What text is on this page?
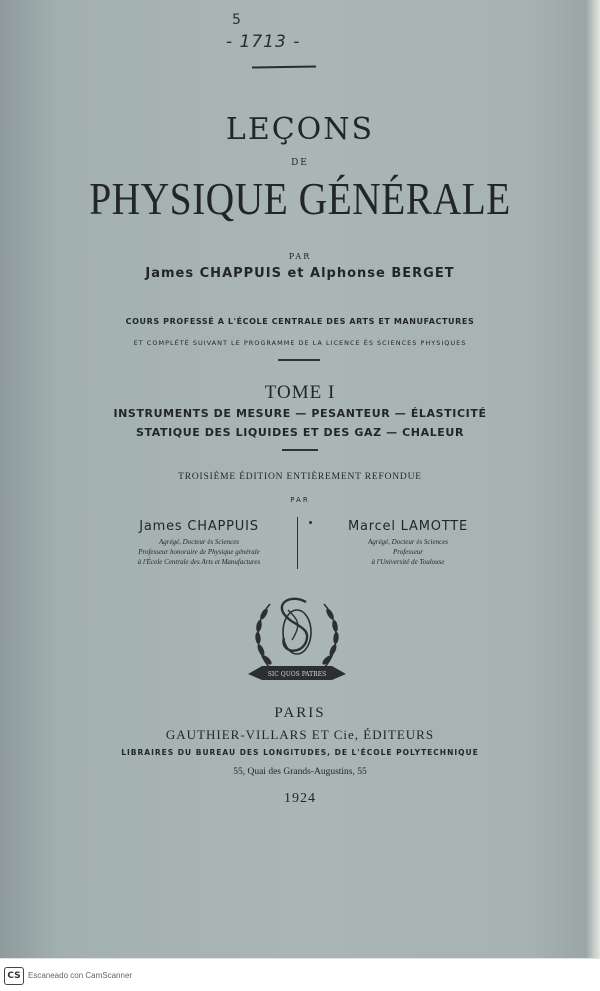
5
- 1713 -
LEÇONS
DE
PHYSIQUE GÉNÉRALE
PAR
James CHAPPUIS et Alphonse BERGET
COURS PROFESSÉ A L'ÉCOLE CENTRALE DES ARTS ET MANUFACTURES
ET COMPLÉTÉ SUIVANT LE PROGRAMME DE LA LICENCE ÈS SCIENCES PHYSIQUES
TOME I
INSTRUMENTS DE MESURE — PESANTEUR — ÉLASTICITÉ
STATIQUE DES LIQUIDES ET DES GAZ — CHALEUR
TROISIÈME ÉDITION ENTIÈREMENT REFONDUE
PAR
James CHAPPUIS
Agrégé, Docteur ès Sciences
Professeur honoraire de Physique générale
à l'École Centrale des Arts et Manufactures
Marcel LAMOTTE
Agrégé, Docteur ès Sciences
Professeur
à l'Université de Toulouse
SIC QUOS PATRES
PARIS
GAUTHIER-VILLARS ET Cie, ÉDITEURS
LIBRAIRES DU BUREAU DES LONGITUDES, DE L'ÉCOLE POLYTECHNIQUE
55, Quai des Grands-Augustins, 55
1924
CS Escaneado con CamScanner
